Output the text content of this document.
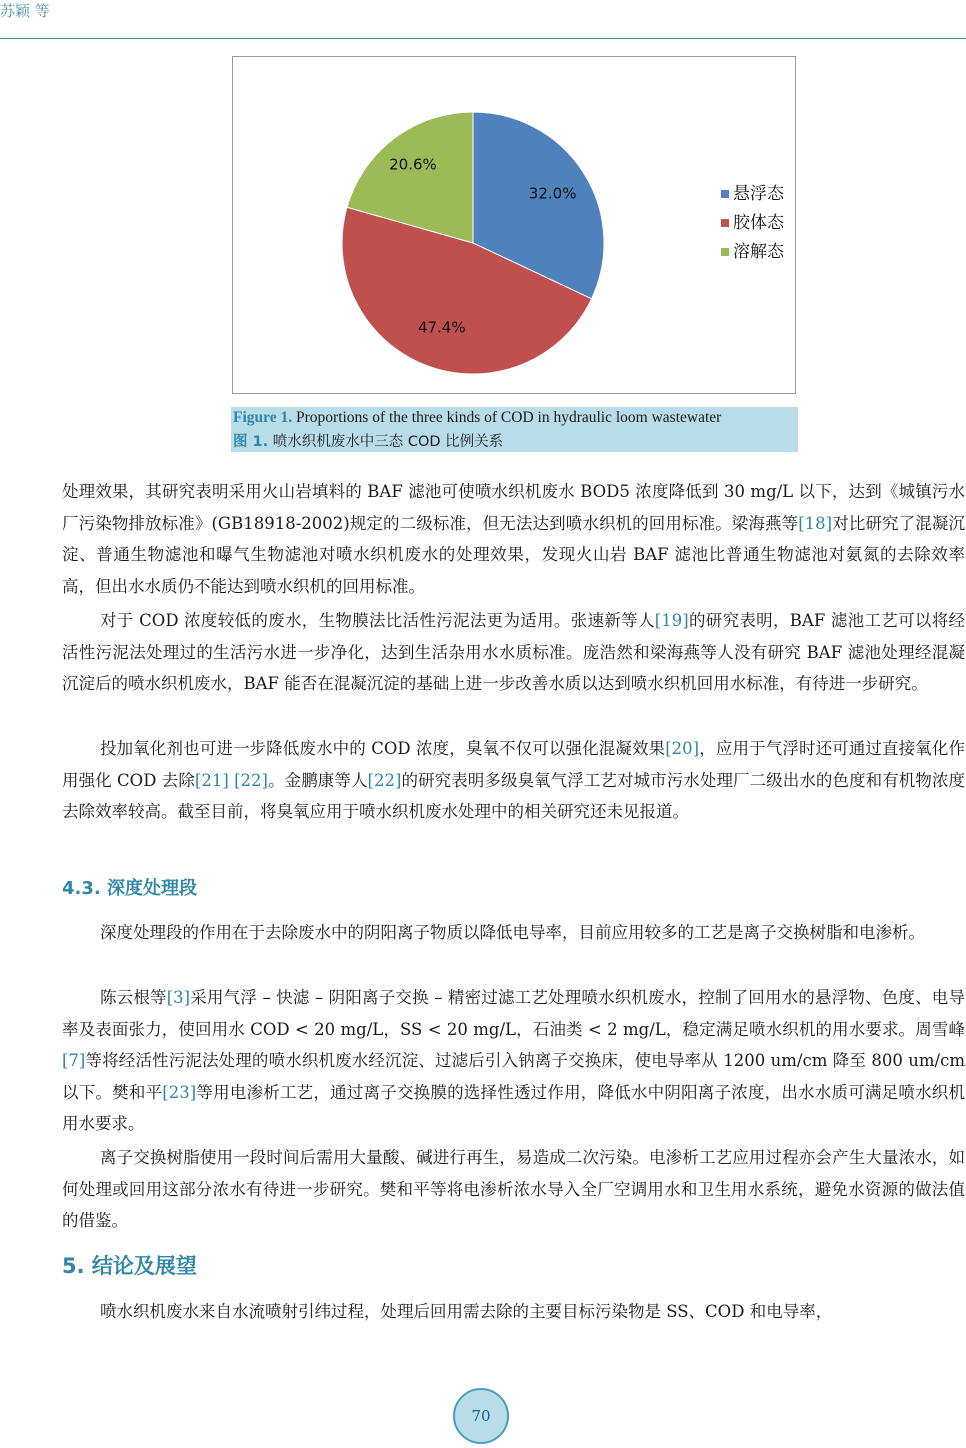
苏颖 等
32.0%
47.4%
20.6%
悬浮态
胶体态
溶解态
Figure 1. Proportions of the three kinds of COD in hydraulic loom wastewater
图 1. 喷水织机废水中三态 COD 比例关系

处理效果，其研究表明采用火山岩填料的 BAF 滤池可使喷水织机废水 BOD5 浓度降低到 30 mg/L 以下，达到《城镇污水厂污染物排放标准》(GB18918-2002)规定的二级标准，但无法达到喷水织机的回用标准。梁海燕等[18]对比研究了混凝沉淀、普通生物滤池和曝气生物滤池对喷水织机废水的处理效果，发现火山岩 BAF 滤池比普通生物滤池对氨氮的去除效率高，但出水水质仍不能达到喷水织机的回用标准。

对于 COD 浓度较低的废水，生物膜法比活性污泥法更为适用。张速新等人[19]的研究表明，BAF 滤池工艺可以将经活性污泥法处理过的生活污水进一步净化，达到生活杂用水水质标准。庞浩然和梁海燕等人没有研究 BAF 滤池处理经混凝沉淀后的喷水织机废水，BAF 能否在混凝沉淀的基础上进一步改善水质以达到喷水织机回用水标准，有待进一步研究。

投加氧化剂也可进一步降低废水中的 COD 浓度，臭氧不仅可以强化混凝效果[20]，应用于气浮时还可通过直接氧化作用强化 COD 去除[21] [22]。金鹏康等人[22]的研究表明多级臭氧气浮工艺对城市污水处理厂二级出水的色度和有机物浓度去除效率较高。截至目前，将臭氧应用于喷水织机废水处理中的相关研究还未见报道。

4.3. 深度处理段

深度处理段的作用在于去除废水中的阴阳离子物质以降低电导率，目前应用较多的工艺是离子交换树脂和电渗析。

陈云根等[3]采用气浮 – 快滤 – 阴阳离子交换 – 精密过滤工艺处理喷水织机废水，控制了回用水的悬浮物、色度、电导率及表面张力，使回用水 COD < 20 mg/L，SS < 20 mg/L，石油类 < 2 mg/L，稳定满足喷水织机的用水要求。周雪峰[7]等将经活性污泥法处理的喷水织机废水经沉淀、过滤后引入钠离子交换床，使电导率从 1200 um/cm 降至 800 um/cm 以下。樊和平[23]等用电渗析工艺，通过离子交换膜的选择性透过作用，降低水中阴阳离子浓度，出水水质可满足喷水织机用水要求。

离子交换树脂使用一段时间后需用大量酸、碱进行再生，易造成二次污染。电渗析工艺应用过程亦会产生大量浓水，如何处理或回用这部分浓水有待进一步研究。樊和平等将电渗析浓水导入全厂空调用水和卫生用水系统，避免水资源的做法值的借鉴。

5. 结论及展望

喷水织机废水来自水流喷射引纬过程，处理后回用需去除的主要目标污染物是 SS、COD 和电导率，

70
